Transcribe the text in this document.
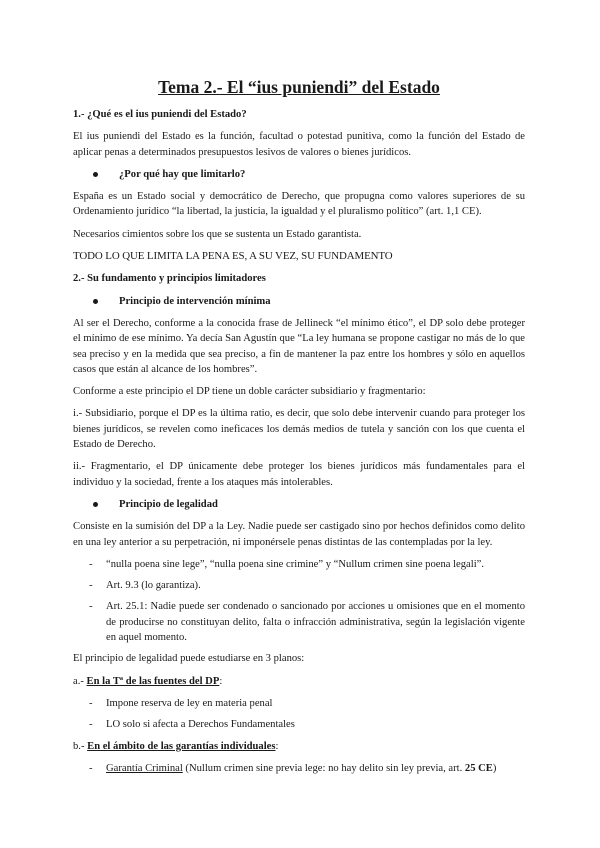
Tema 2.- El “ius puniendi” del Estado
1.- ¿Qué es el ius puniendi del Estado?
El ius puniendi del Estado es la función, facultad o potestad punitiva, como la función del Estado de aplicar penas a determinados presupuestos lesivos de valores o bienes jurídicos.
¿Por qué hay que limitarlo?
España es un Estado social y democrático de Derecho, que propugna como valores superiores de su Ordenamiento jurídico “la libertad, la justicia, la igualdad y el pluralismo político” (art. 1,1 CE).
Necesarios cimientos sobre los que se sustenta un Estado garantista.
TODO LO QUE LIMITA LA PENA ES, A SU VEZ, SU FUNDAMENTO
2.- Su fundamento y principios limitadores
Principio de intervención mínima
Al ser el Derecho, conforme a la conocida frase de Jellineck “el mínimo ético”, el DP solo debe proteger el mínimo de ese mínimo. Ya decía San Agustín que “La ley humana se propone castigar no más de lo que sea preciso y en la medida que sea preciso, a fin de mantener la paz entre los hombres y sólo en aquellos casos que están al alcance de los hombres”.
Conforme a este principio el DP tiene un doble carácter subsidiario y fragmentario:
i.- Subsidiario, porque el DP es la última ratio, es decir, que solo debe intervenir cuando para proteger los bienes jurídicos, se revelen como ineficaces los demás medios de tutela y sanción con los que cuenta el Estado de Derecho.
ii.- Fragmentario, el DP únicamente debe proteger los bienes jurídicos más fundamentales para el individuo y la sociedad, frente a los ataques más intolerables.
Principio de legalidad
Consiste en la sumisión del DP a la Ley. Nadie puede ser castigado sino por hechos definidos como delito en una ley anterior a su perpetración, ni imponérsele penas distintas de las contempladas por la ley.
- “nulla poena sine lege”, “nulla poena sine crimine” y “Nullum crimen sine poena legali”.
- Art. 9.3 (lo garantiza).
- Art. 25.1: Nadie puede ser condenado o sancionado por acciones u omisiones que en el momento de producirse no constituyan delito, falta o infracción administrativa, según la legislación vigente en aquel momento.
El principio de legalidad puede estudiarse en 3 planos:
a.- En la Tª de las fuentes del DP:
- Impone reserva de ley en materia penal
- LO solo si afecta a Derechos Fundamentales
b.- En el ámbito de las garantías individuales:
- Garantía Criminal (Nullum crimen sine previa lege: no hay delito sin ley previa, art. 25 CE)
